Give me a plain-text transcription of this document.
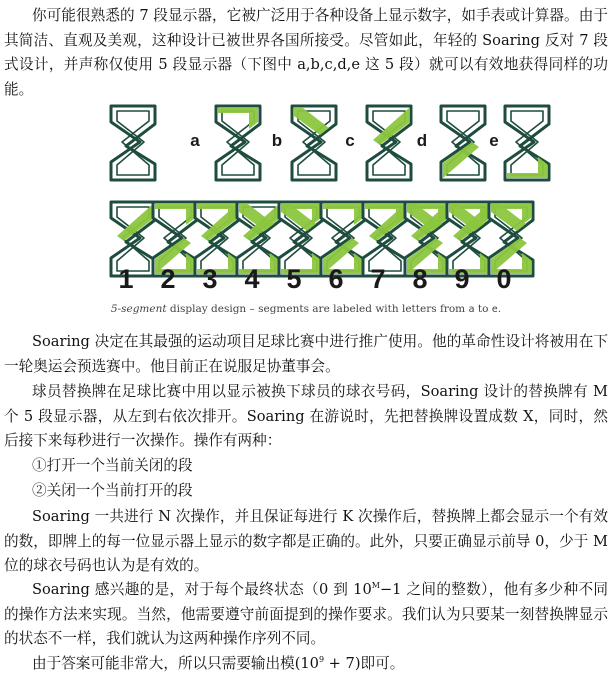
你可能很熟悉的 7 段显示器，它被广泛用于各种设备上显示数字，如手表或计算器。由于其简洁、直观及美观，这种设计已被世界各国所接受。尽管如此，年轻的 Soaring 反对 7 段式设计，并声称仅使用 5 段显示器（下图中 a,b,c,d,e 这 5 段）就可以有效地获得同样的功能。

a	b	c	d	e
1 2 3 4 5 6 7 8 9 0
5-segment display design – segments are labeled with letters from a to e.

Soaring 决定在其最强的运动项目足球比赛中进行推广使用。他的革命性设计将被用在下一轮奥运会预选赛中。他目前正在说服足协董事会。

球员替换牌在足球比赛中用以显示被换下球员的球衣号码，Soaring 设计的替换牌有 M 个 5 段显示器，从左到右依次排开。Soaring 在游说时，先把替换牌设置成数 X，同时，然后接下来每秒进行一次操作。操作有两种：

①打开一个当前关闭的段

②关闭一个当前打开的段

Soaring 一共进行 N 次操作，并且保证每进行 K 次操作后，替换牌上都会显示一个有效的数，即牌上的每一位显示器上显示的数字都是正确的。此外，只要正确显示前导 0，少于 M 位的球衣号码也认为是有效的。

Soaring 感兴趣的是，对于每个最终状态（0 到 $10^M-1$ 之间的整数），他有多少种不同的操作方法来实现。当然，他需要遵守前面提到的操作要求。我们认为只要某一刻替换牌显示的状态不一样，我们就认为这两种操作序列不同。

由于答案可能非常大，所以只需要输出模$(10^9 + 7)$即可。
